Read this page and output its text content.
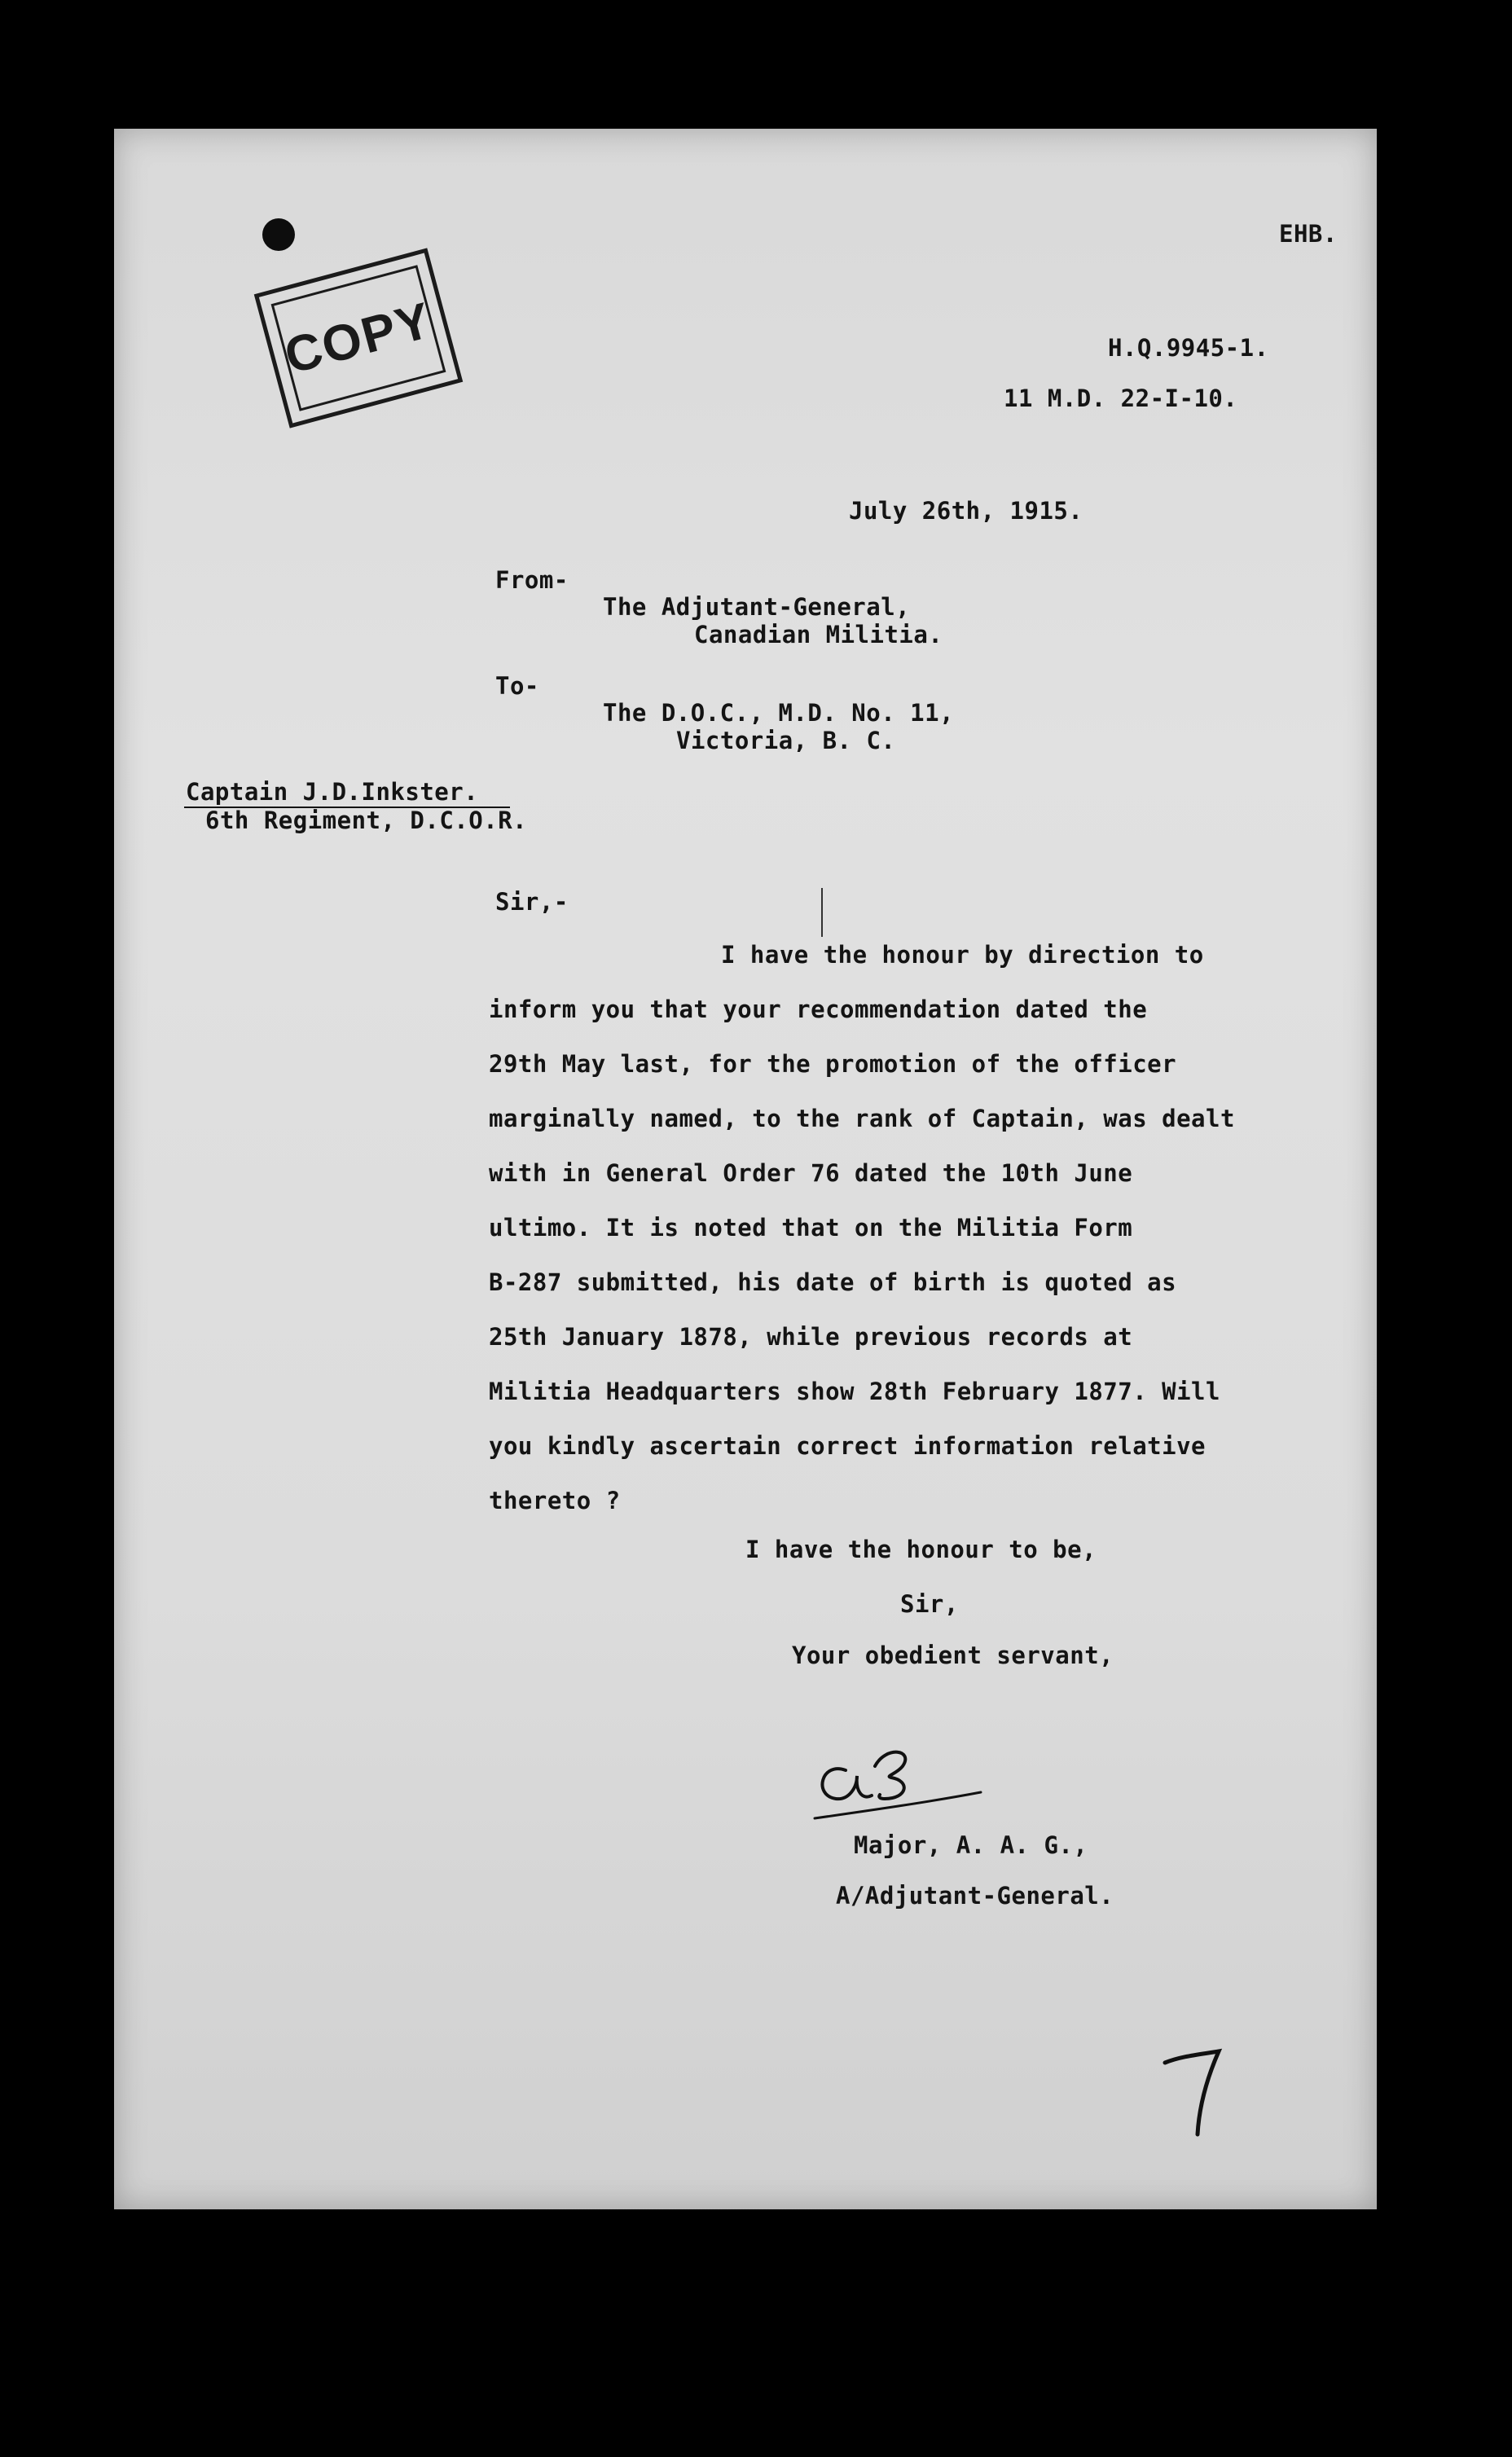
COPY
EHB.
H.Q.9945-1.
11 M.D. 22-I-10.
July 26th, 1915.
From-
The Adjutant-General,
Canadian Militia.
To-
The D.O.C., M.D. No. 11,
Victoria, B. C.
Captain J.D.Inkster.
6th Regiment, D.C.O.R.
Sir,-
I have the honour by direction to
inform you that your recommendation dated the
29th May last, for the promotion of the officer
marginally named, to the rank of Captain, was dealt
with in General Order 76 dated the 10th June
ultimo. It is noted that on the Militia Form
B-287 submitted, his date of birth is quoted as
25th January 1878, while previous records at
Militia Headquarters show 28th February 1877. Will
you kindly ascertain correct information relative
thereto ?
I have the honour to be,
Sir,
Your obedient servant,
Major, A. A. G.,
A/Adjutant-General.
